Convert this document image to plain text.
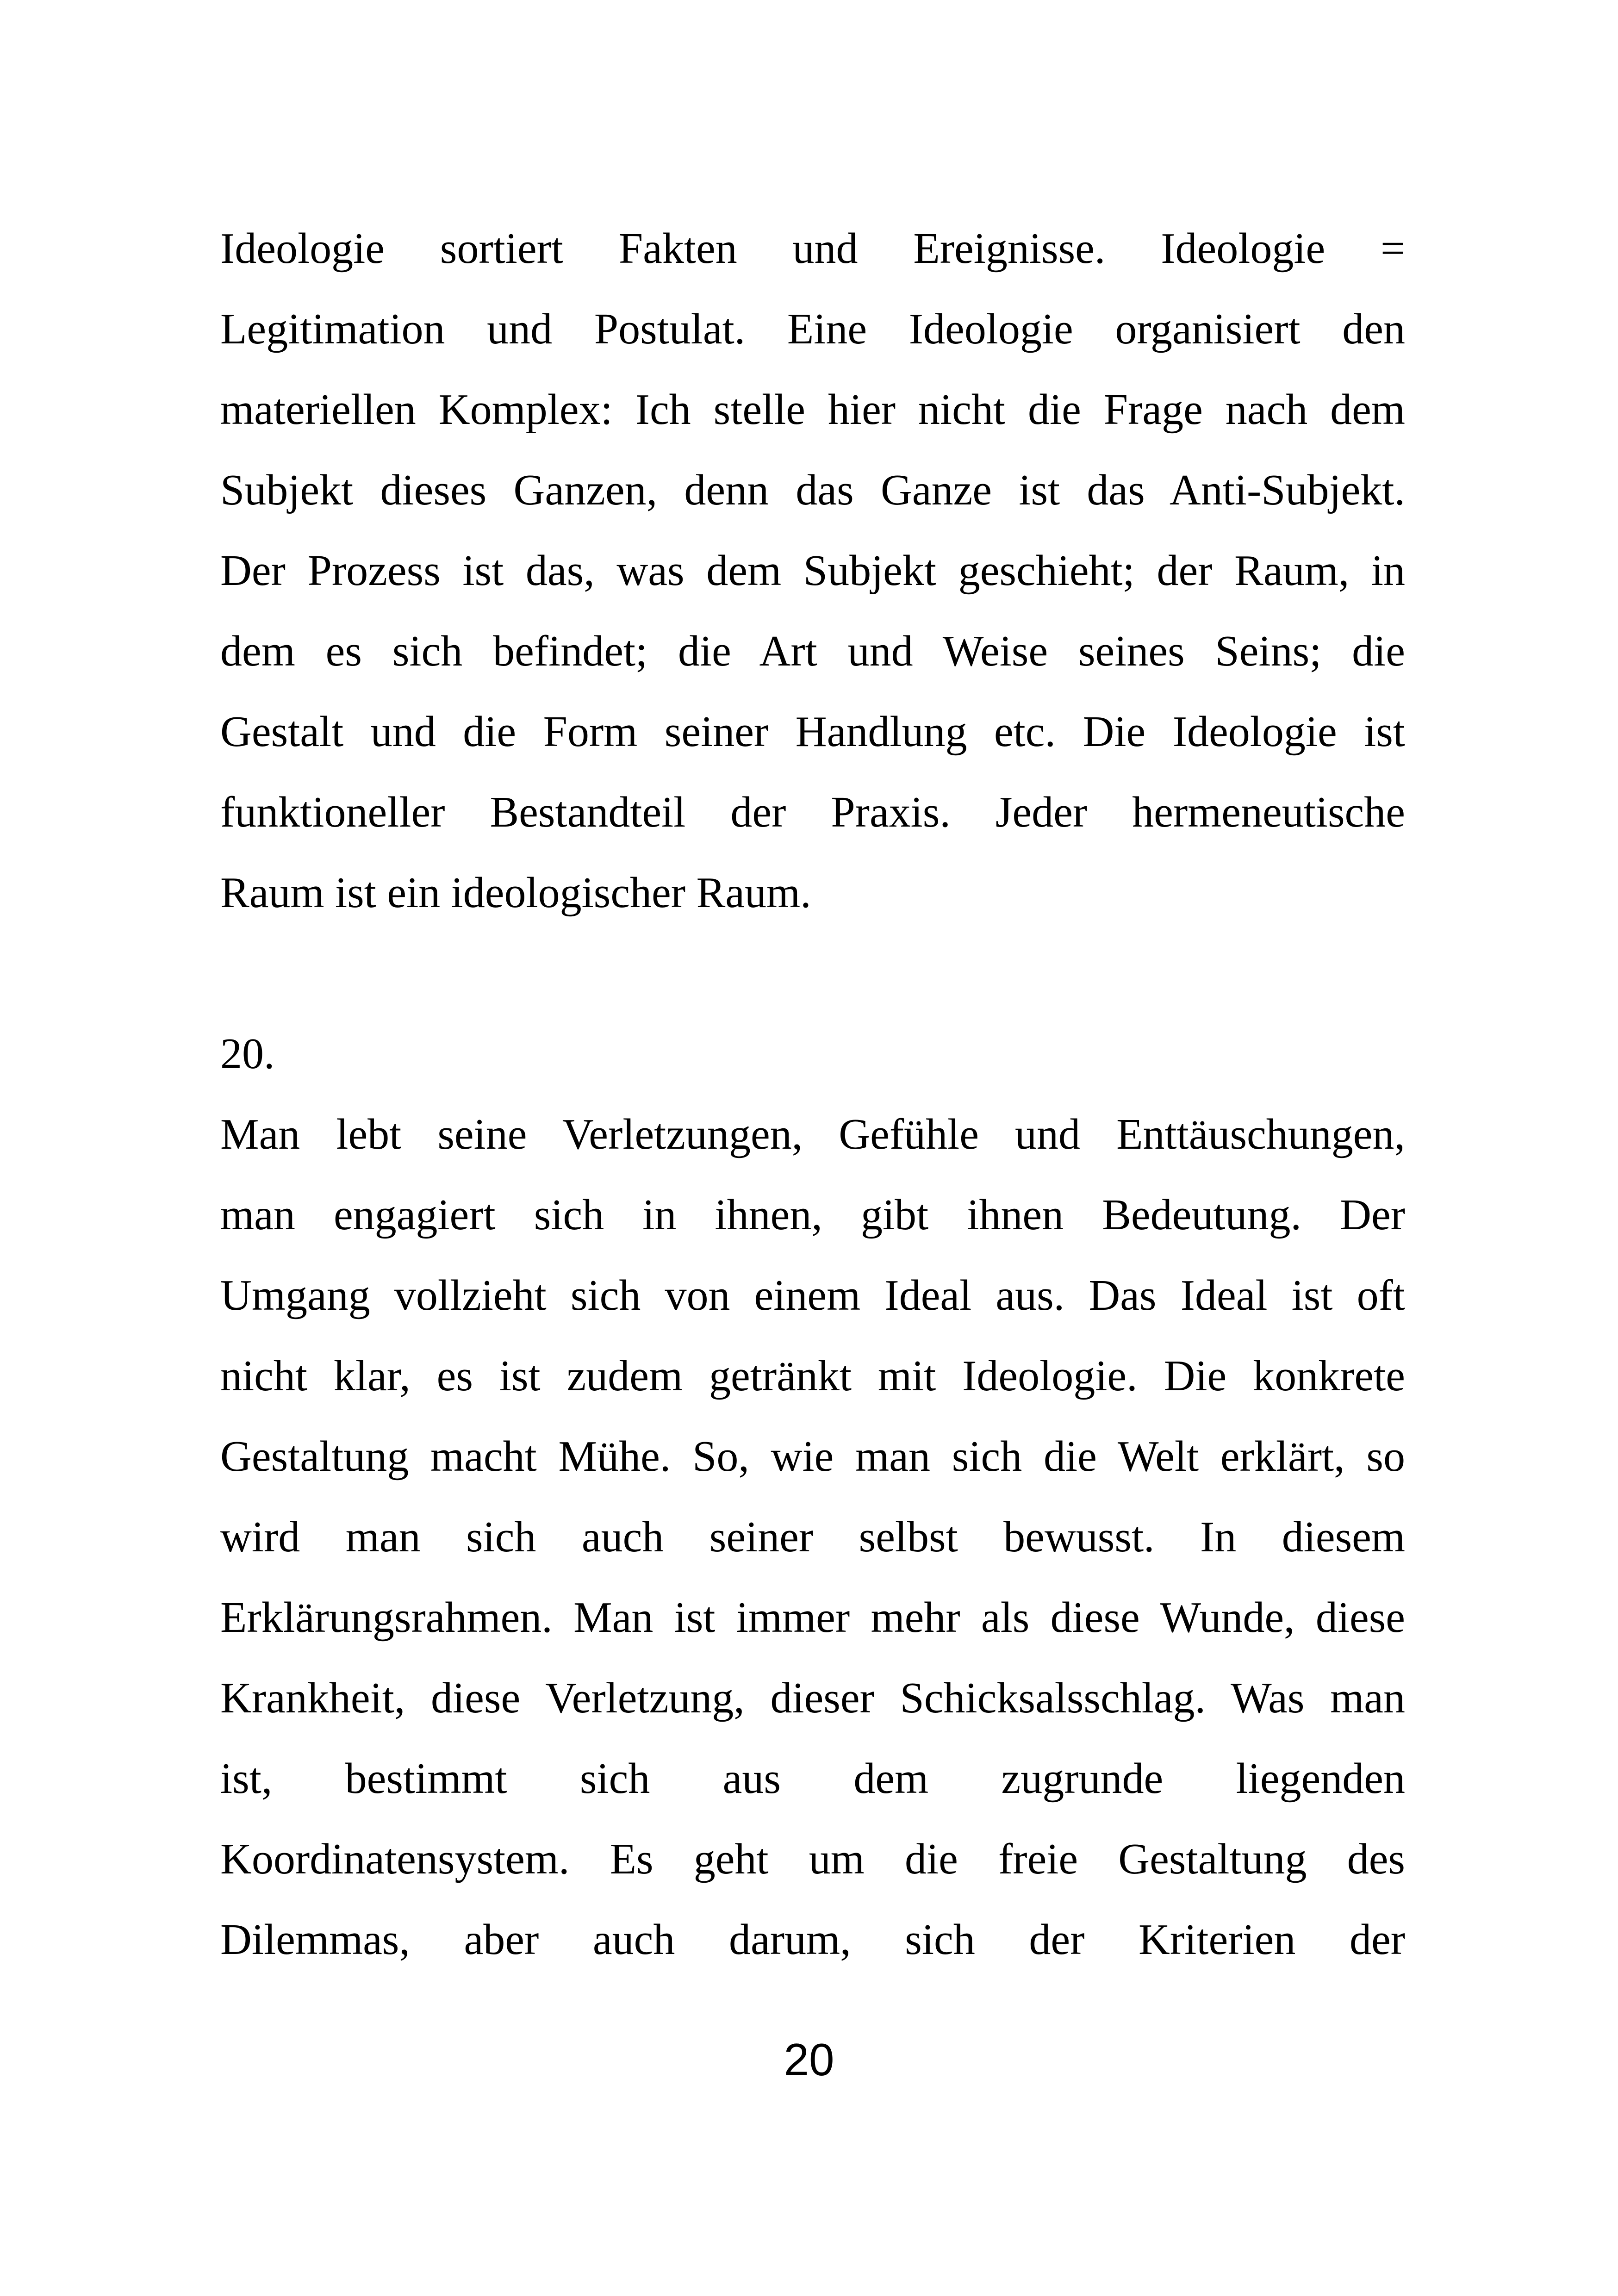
Ideologie sortiert Fakten und Ereignisse. Ideologie =
Legitimation und Postulat. Eine Ideologie organisiert den
materiellen Komplex: Ich stelle hier nicht die Frage nach dem
Subjekt dieses Ganzen, denn das Ganze ist das Anti-Subjekt.
Der Prozess ist das, was dem Subjekt geschieht; der Raum, in
dem es sich befindet; die Art und Weise seines Seins; die
Gestalt und die Form seiner Handlung etc. Die Ideologie ist
funktioneller Bestandteil der Praxis. Jeder hermeneutische
Raum ist ein ideologischer Raum.

20.

Man lebt seine Verletzungen, Gefühle und Enttäuschungen,
man engagiert sich in ihnen, gibt ihnen Bedeutung. Der
Umgang vollzieht sich von einem Ideal aus. Das Ideal ist oft
nicht klar, es ist zudem getränkt mit Ideologie. Die konkrete
Gestaltung macht Mühe. So, wie man sich die Welt erklärt, so
wird man sich auch seiner selbst bewusst. In diesem
Erklärungsrahmen. Man ist immer mehr als diese Wunde, diese
Krankheit, diese Verletzung, dieser Schicksalsschlag. Was man
ist, bestimmt sich aus dem zugrunde liegenden
Koordinatensystem. Es geht um die freie Gestaltung des
Dilemmas, aber auch darum, sich der Kriterien der

20
